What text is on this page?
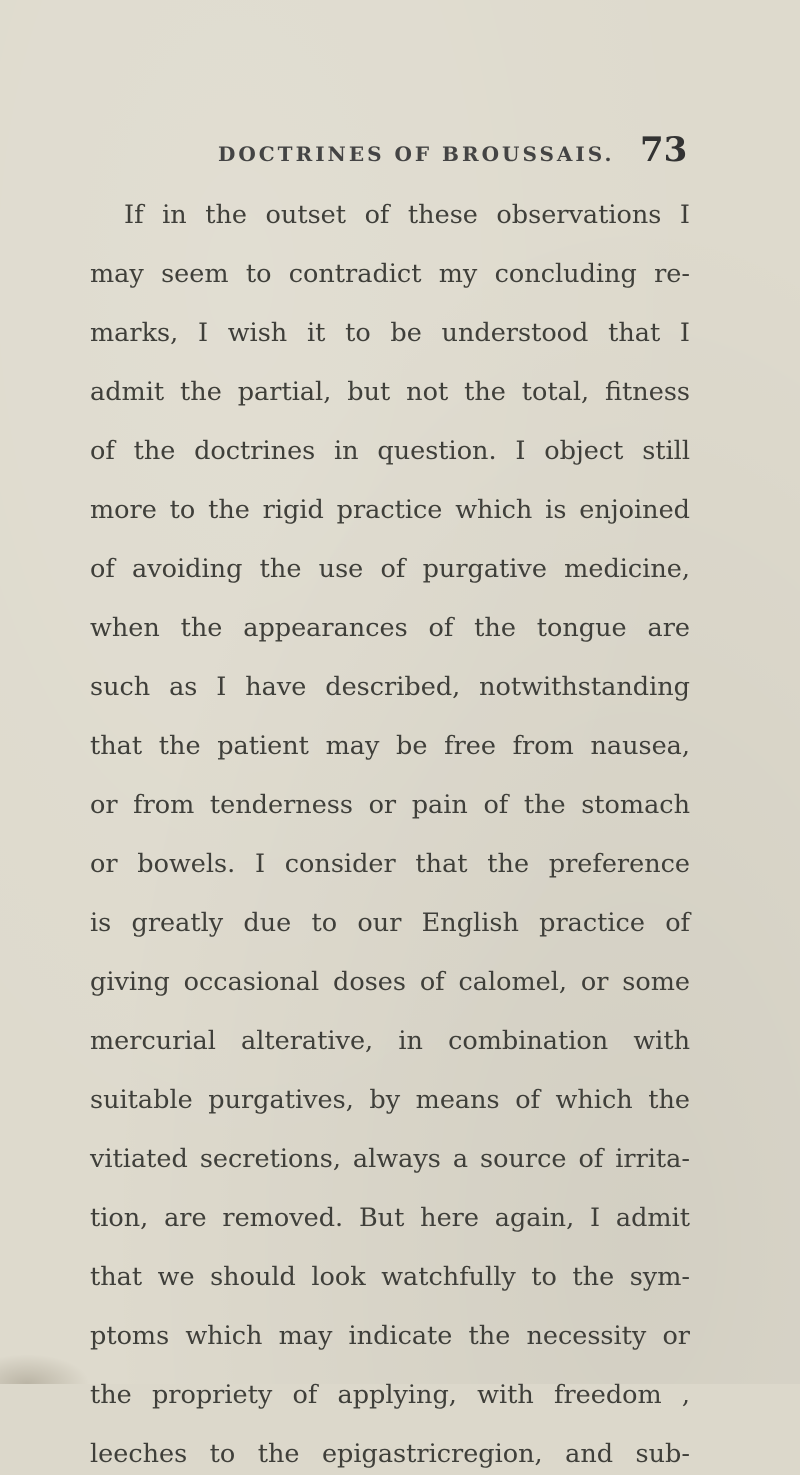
DOCTRINES OF BROUSSAIS. 73
If in the outset of these observations I
may seem to contradict my concluding re-
marks, I wish it to be understood that I
admit the partial, but not the total, fitness
of the doctrines in question. I object still
more to the rigid practice which is enjoined
of avoiding the use of purgative medicine,
when the appearances of the tongue are
such as I have described, notwithstanding
that the patient may be free from nausea,
or from tenderness or pain of the stomach
or bowels. I consider that the preference
is greatly due to our English practice of
giving occasional doses of calomel, or some
mercurial alterative, in combination with
suitable purgatives, by means of which the
vitiated secretions, always a source of irrita-
tion, are removed. But here again, I admit
that we should look watchfully to the sym-
ptoms which may indicate the necessity or
the propriety of applying, with freedom ,
leeches to the epigastricregion, and sub-
